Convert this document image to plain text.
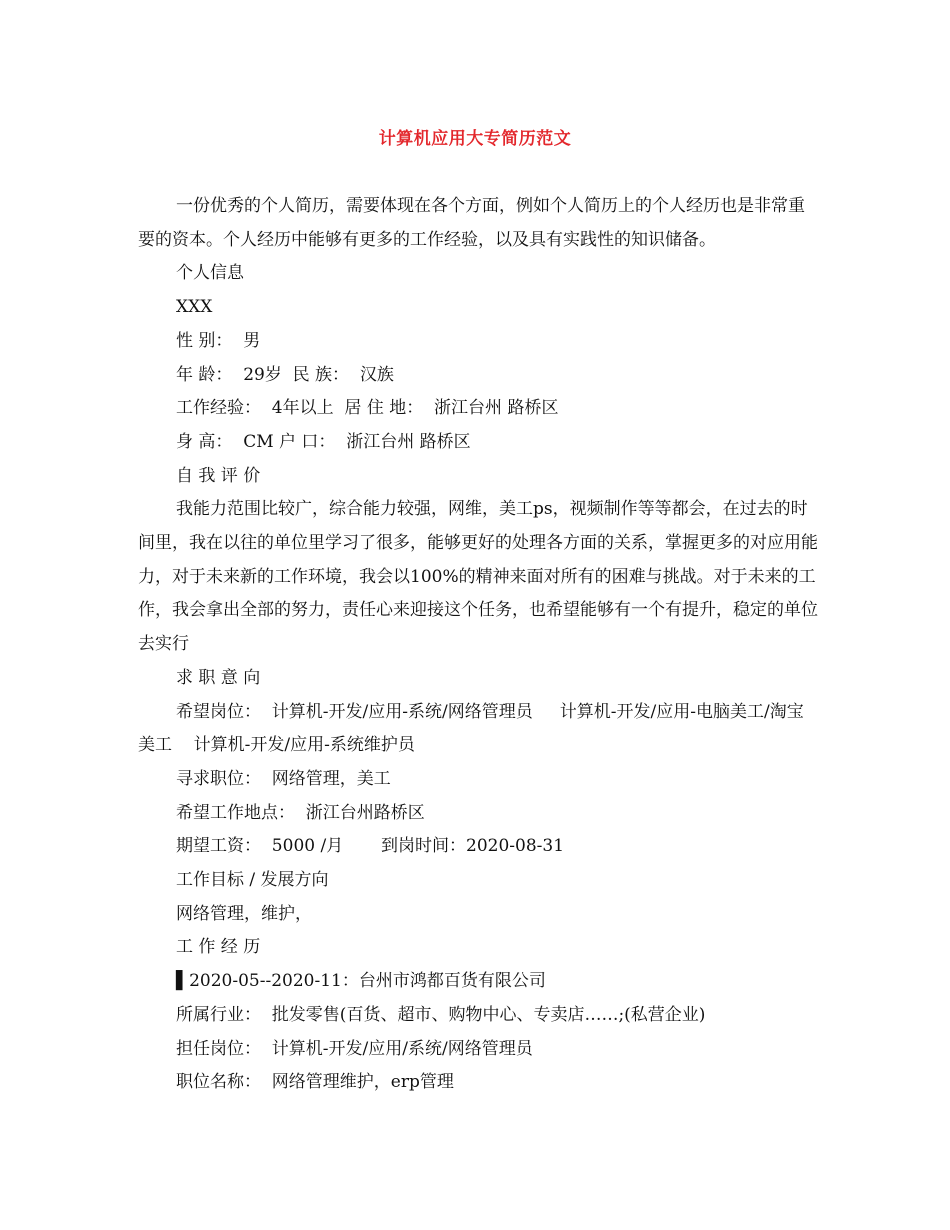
计算机应用大专简历范文

一份优秀的个人简历，需要体现在各个方面，例如个人简历上的个人经历也是非常重要的资本。个人经历中能够有更多的工作经验，以及具有实践性的知识储备。

个人信息

XXX

性 别：  男

年 龄：  29岁  民 族：  汉族

工作经验：  4年以上  居 住 地：  浙江台州 路桥区

身 高：  CM 户 口：  浙江台州 路桥区

自 我 评 价

我能力范围比较广，综合能力较强，网维，美工ps，视频制作等等都会，在过去的时间里，我在以往的单位里学习了很多，能够更好的处理各方面的关系，掌握更多的对应用能力，对于未来新的工作环境，我会以100%的精神来面对所有的困难与挑战。对于未来的工作，我会拿出全部的努力，责任心来迎接这个任务，也希望能够有一个有提升，稳定的单位去实行

求 职 意 向

希望岗位：  计算机-开发/应用-系统/网络管理员     计算机-开发/应用-电脑美工/淘宝美工    计算机-开发/应用-系统维护员

寻求职位：  网络管理，美工

希望工作地点：  浙江台州路桥区

期望工资：  5000 /月       到岗时间：2020-08-31

工作目标 / 发展方向

网络管理，维护，

工 作 经 历

▌2020-05--2020-11：台州市鸿都百货有限公司

所属行业：  批发零售(百货、超市、购物中心、专卖店……;(私营企业)

担任岗位：  计算机-开发/应用/系统/网络管理员

职位名称：  网络管理维护，erp管理
